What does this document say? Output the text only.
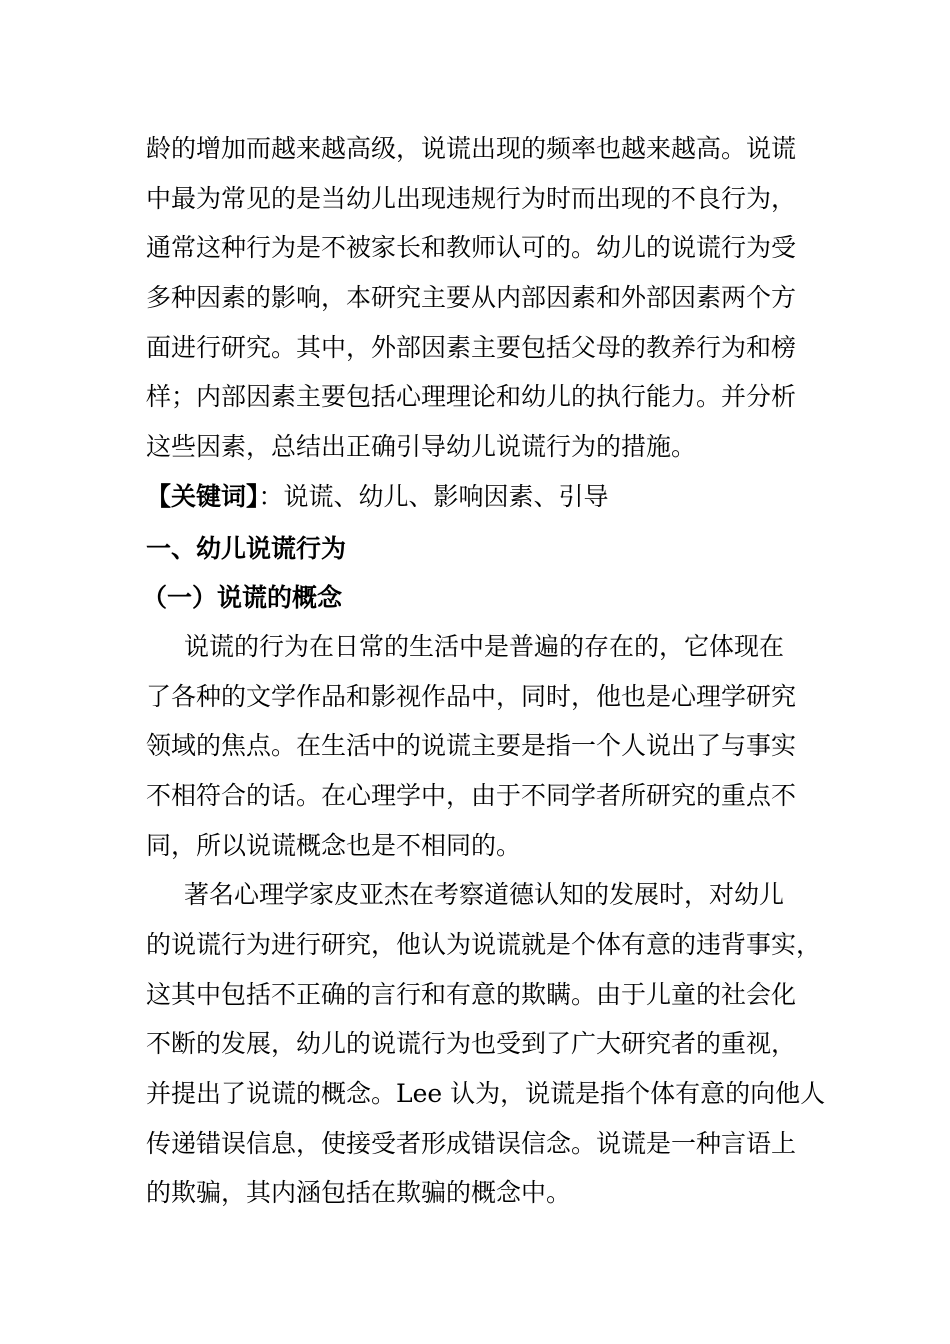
龄的增加而越来越高级，说谎出现的频率也越来越高。说谎
中最为常见的是当幼儿出现违规行为时而出现的不良行为，
通常这种行为是不被家长和教师认可的。幼儿的说谎行为受
多种因素的影响，本研究主要从内部因素和外部因素两个方
面进行研究。其中，外部因素主要包括父母的教养行为和榜
样；内部因素主要包括心理理论和幼儿的执行能力。并分析
这些因素，总结出正确引导幼儿说谎行为的措施。
【关键词】：说谎、幼儿、影响因素、引导
一、幼儿说谎行为
（一）说谎的概念
说谎的行为在日常的生活中是普遍的存在的，它体现在
了各种的文学作品和影视作品中，同时，他也是心理学研究
领域的焦点。在生活中的说谎主要是指一个人说出了与事实
不相符合的话。在心理学中，由于不同学者所研究的重点不
同，所以说谎概念也是不相同的。
著名心理学家皮亚杰在考察道德认知的发展时，对幼儿
的说谎行为进行研究，他认为说谎就是个体有意的违背事实，
这其中包括不正确的言行和有意的欺瞒。由于儿童的社会化
不断的发展，幼儿的说谎行为也受到了广大研究者的重视，
并提出了说谎的概念。Lee 认为，说谎是指个体有意的向他人
传递错误信息，使接受者形成错误信念。说谎是一种言语上
的欺骗，其内涵包括在欺骗的概念中。
